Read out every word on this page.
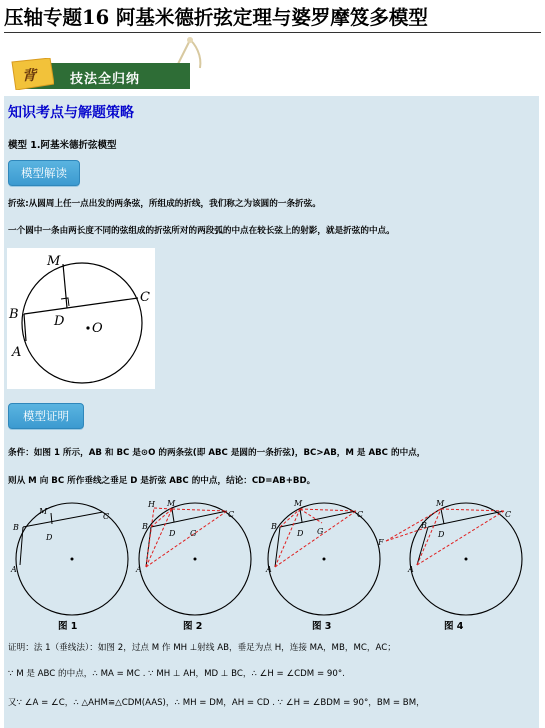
压轴专题16 阿基米德折弦定理与婆罗摩笈多模型
背	技法全归纳
知识考点与解题策略
模型 1.阿基米德折弦模型
模型解读
折弦:从圆周上任一点出发的两条弦，所组成的折线，我们称之为该圆的一条折弦。
一个圆中一条由两长度不同的弦组成的折弦所对的两段弧的中点在较长弦上的射影，就是折弦的中点。
M
B
C
D O
A
模型证明
条件：如图 1 所示，AB 和 BC 是⊙O 的两条弦(即 ABC 是圆的一条折弦)，BC>AB，M 是 ABC 的中点，
则从 M 向 BC 所作垂线之垂足 D 是折弦 ABC 的中点，结论：CD=AB+BD。
M
B
C
D
A
H M
B
C
D G
A
M
B
C
D G
A
F
M
B
C
D
A
图 1	图 2	图 3	图 4
证明：法 1（垂线法）：如图 2，过点 M 作 MH ⊥射线 AB，垂足为点 H，连接 MA，MB，MC，AC；
∵ M 是 ABC 的中点，∴ MA = MC . ∵ MH ⊥ AH，MD ⊥ BC，∴ ∠H = ∠CDM = 90°.
又∵ ∠A = ∠C，∴ △AHM≌△CDM(AAS)，∴ MH = DM，AH = CD . ∵ ∠H = ∠BDM = 90°，BM = BM，
